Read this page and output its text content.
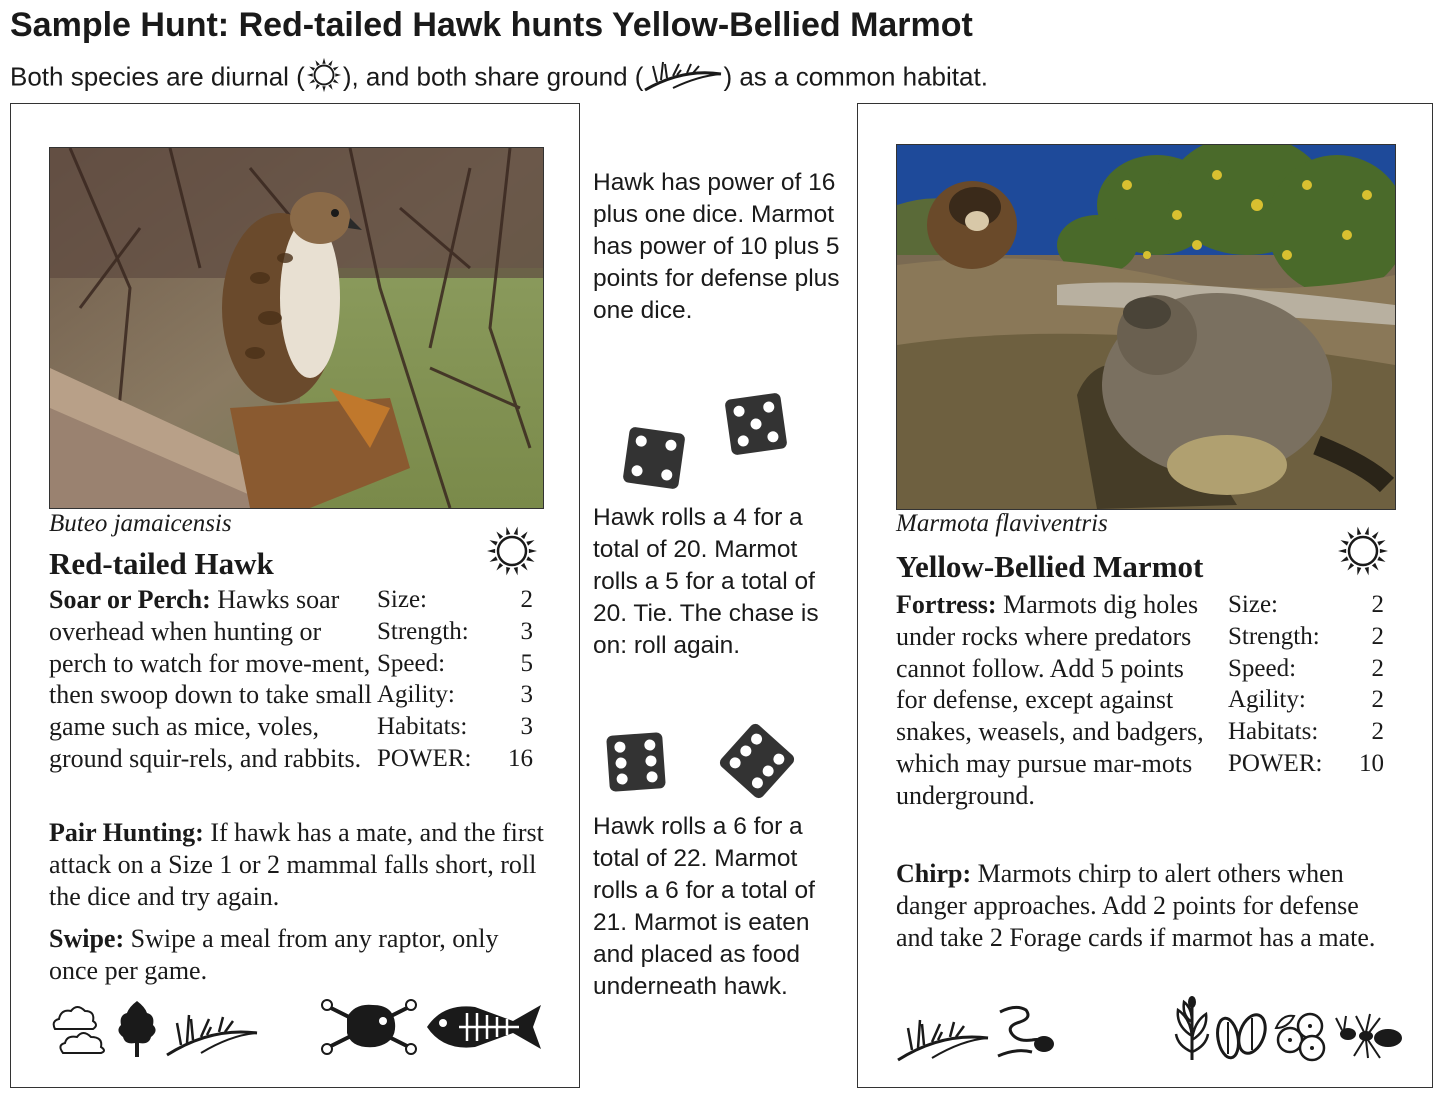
Sample Hunt: Red-tailed Hawk hunts Yellow-Bellied Marmot
Both species are diurnal ( ), and both share ground (	) as a common habitat.
Buteo jamaicensis
Red-tailed Hawk
Soar or Perch: Hawks soar overhead when hunting or perch to watch for move-ment, then swoop down to take small game such as mice, voles, ground squir-rels, and rabbits.
Size:	2
Strength: 3
Speed:	5
Agility:	3
Habitats: 3
POWER: 16
Pair Hunting: If hawk has a mate, and the first attack on a Size 1 or 2 mammal falls short, roll the dice and try again.
Swipe: Swipe a meal from any raptor, only once per game.
Hawk has power of 16 plus one dice. Marmot has power of 10 plus 5 points for defense plus one dice.
Hawk rolls a 4 for a total of 20. Marmot rolls a 5 for a total of 20. Tie. The chase is on: roll again.
Hawk rolls a 6 for a total of 22. Marmot rolls a 6 for a total of 21. Marmot is eaten and placed as food underneath hawk.
Marmota flaviventris
Yellow-Bellied Marmot
Fortress: Marmots dig holes under rocks where predators cannot follow. Add 5 points for defense, except against snakes, weasels, and badgers, which may pursue mar-mots underground.
Size:	2
Strength: 2
Speed:	2
Agility:	2
Habitats: 2
POWER: 10
Chirp: Marmots chirp to alert others when danger approaches. Add 2 points for defense and take 2 Forage cards if marmot has a mate.
